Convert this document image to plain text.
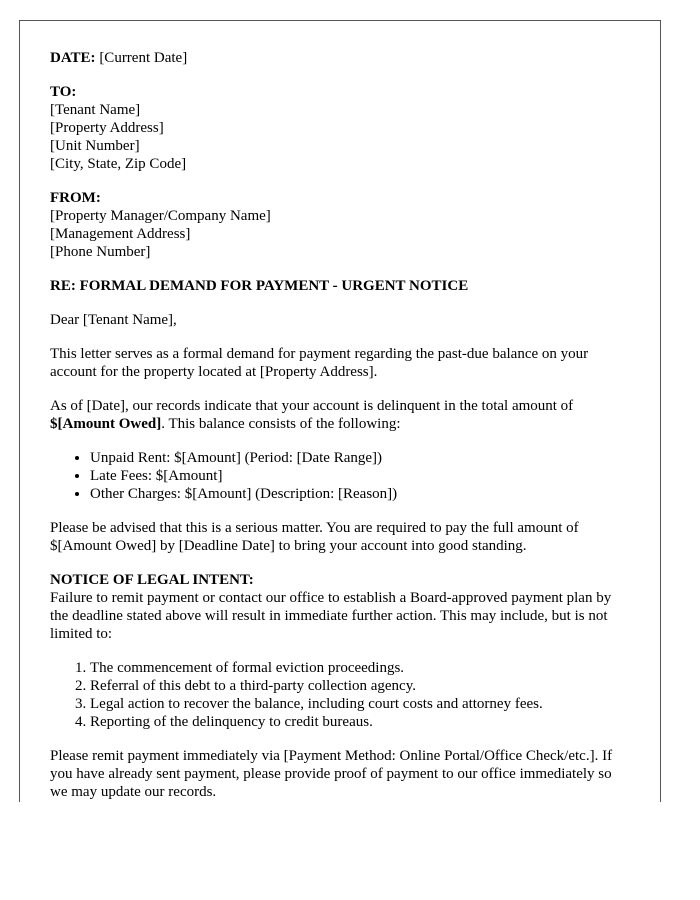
DATE: [Current Date]
TO:
[Tenant Name]
[Property Address]
[Unit Number]
[City, State, Zip Code]
FROM:
[Property Manager/Company Name]
[Management Address]
[Phone Number]
RE: FORMAL DEMAND FOR PAYMENT - URGENT NOTICE

Dear [Tenant Name],

This letter serves as a formal demand for payment regarding the past-due balance on your account for the property located at [Property Address].

As of [Date], our records indicate that your account is delinquent in the total amount of $[Amount Owed]. This balance consists of the following:

• Unpaid Rent: $[Amount] (Period: [Date Range])
• Late Fees: $[Amount]
• Other Charges: $[Amount] (Description: [Reason])

Please be advised that this is a serious matter. You are required to pay the full amount of $[Amount Owed] by [Deadline Date] to bring your account into good standing.

NOTICE OF LEGAL INTENT:
Failure to remit payment or contact our office to establish a Board-approved payment plan by the deadline stated above will result in immediate further action. This may include, but is not limited to:
1. The commencement of formal eviction proceedings.
2. Referral of this debt to a third-party collection agency.
3. Legal action to recover the balance, including court costs and attorney fees.
4. Reporting of the delinquency to credit bureaus.

Please remit payment immediately via [Payment Method: Online Portal/Office Check/etc.]. If you have already sent payment, please provide proof of payment to our office immediately so we may update our records.
